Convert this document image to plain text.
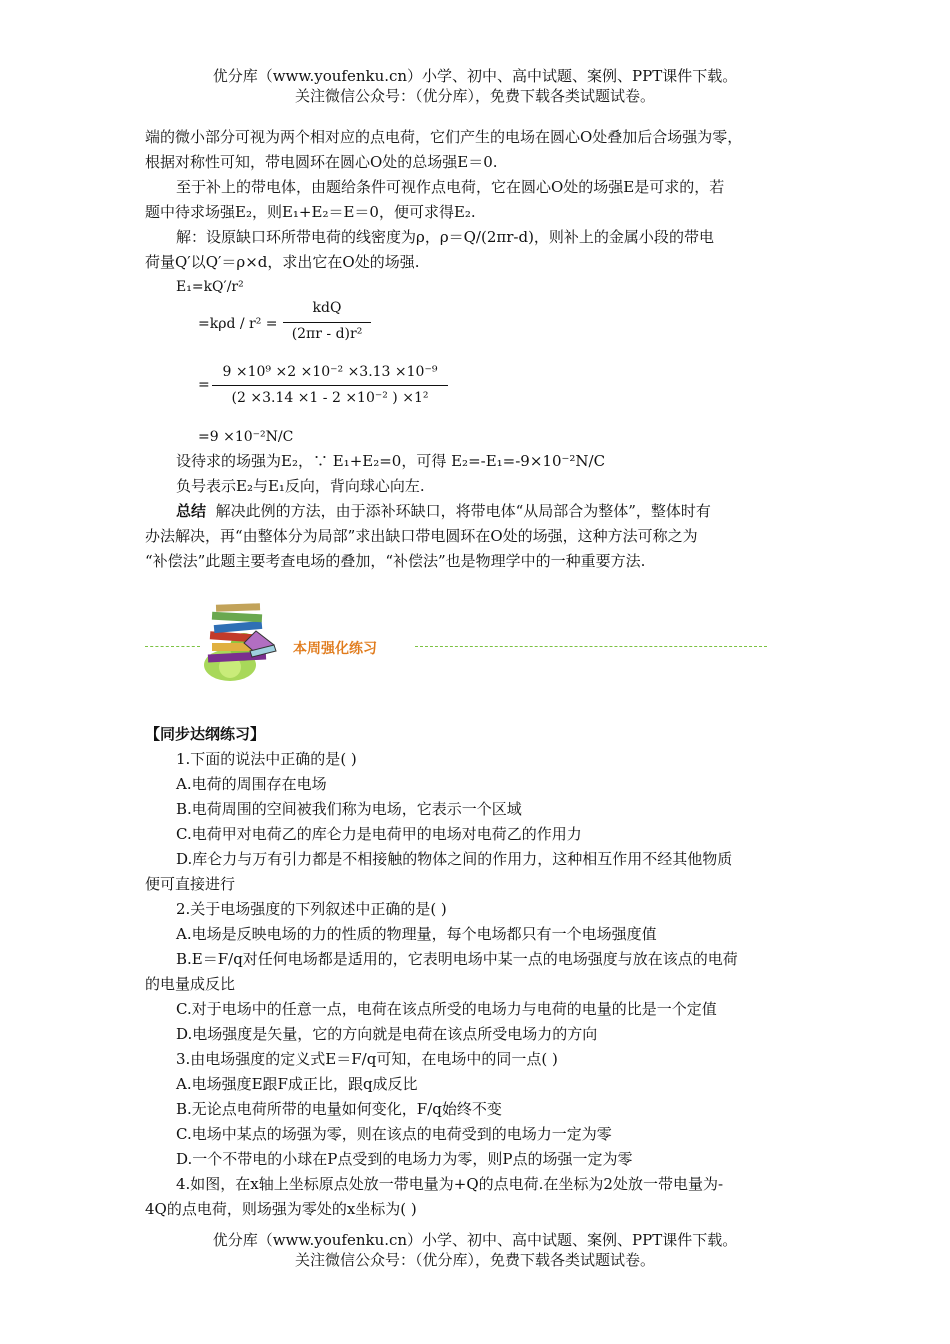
优分库（www.youfenku.cn）小学、初中、高中试题、案例、PPT课件下载。
关注微信公众号：（优分库），免费下载各类试题试卷。
端的微小部分可视为两个相对应的点电荷，它们产生的电场在圆心O处叠加后合场强为零，
根据对称性可知，带电圆环在圆心O处的总场强E＝0.
至于补上的带电体，由题给条件可视作点电荷，它在圆心O处的场强E是可求的，若
题中待求场强E₂，则E₁+E₂＝E＝0，便可求得E₂.
解：设原缺口环所带电荷的线密度为ρ，ρ＝Q/(2πr-d)，则补上的金属小段的带电
荷量Q′以Q′＝ρ×d，求出它在O处的场强.
E₁=kQ′/r²
=kρd / r² =
kdQ
(2πr - d)r²
=
9 ×10⁹ ×2 ×10⁻² ×3.13 ×10⁻⁹
(2 ×3.14 ×1 - 2 ×10⁻² ) ×1²
=9 ×10⁻²N/C
设待求的场强为E₂，∵ E₁+E₂=0，可得 E₂=-E₁=-9×10⁻²N/C
负号表示E₂与E₁反向，背向球心向左.
总结 解决此例的方法，由于添补环缺口，将带电体“从局部合为整体”，整体时有
办法解决，再“由整体分为局部”求出缺口带电圆环在O处的场强，这种方法可称之为
“补偿法”此题主要考查电场的叠加，“补偿法”也是物理学中的一种重要方法.
本周强化练习
【同步达纲练习】
1.下面的说法中正确的是( )
A.电荷的周围存在电场
B.电荷周围的空间被我们称为电场，它表示一个区域
C.电荷甲对电荷乙的库仑力是电荷甲的电场对电荷乙的作用力
D.库仑力与万有引力都是不相接触的物体之间的作用力，这种相互作用不经其他物质
便可直接进行
2.关于电场强度的下列叙述中正确的是( )
A.电场是反映电场的力的性质的物理量，每个电场都只有一个电场强度值
B.E＝F/q对任何电场都是适用的，它表明电场中某一点的电场强度与放在该点的电荷
的电量成反比
C.对于电场中的任意一点，电荷在该点所受的电场力与电荷的电量的比是一个定值
D.电场强度是矢量，它的方向就是电荷在该点所受电场力的方向
3.由电场强度的定义式E＝F/q可知，在电场中的同一点( )
A.电场强度E跟F成正比，跟q成反比
B.无论点电荷所带的电量如何变化，F/q始终不变
C.电场中某点的场强为零，则在该点的电荷受到的电场力一定为零
D.一个不带电的小球在P点受到的电场力为零，则P点的场强一定为零
4.如图，在x轴上坐标原点处放一带电量为+Q的点电荷.在坐标为2处放一带电量为-
4Q的点电荷，则场强为零处的x坐标为( )
优分库（www.youfenku.cn）小学、初中、高中试题、案例、PPT课件下载。
关注微信公众号：（优分库），免费下载各类试题试卷。
